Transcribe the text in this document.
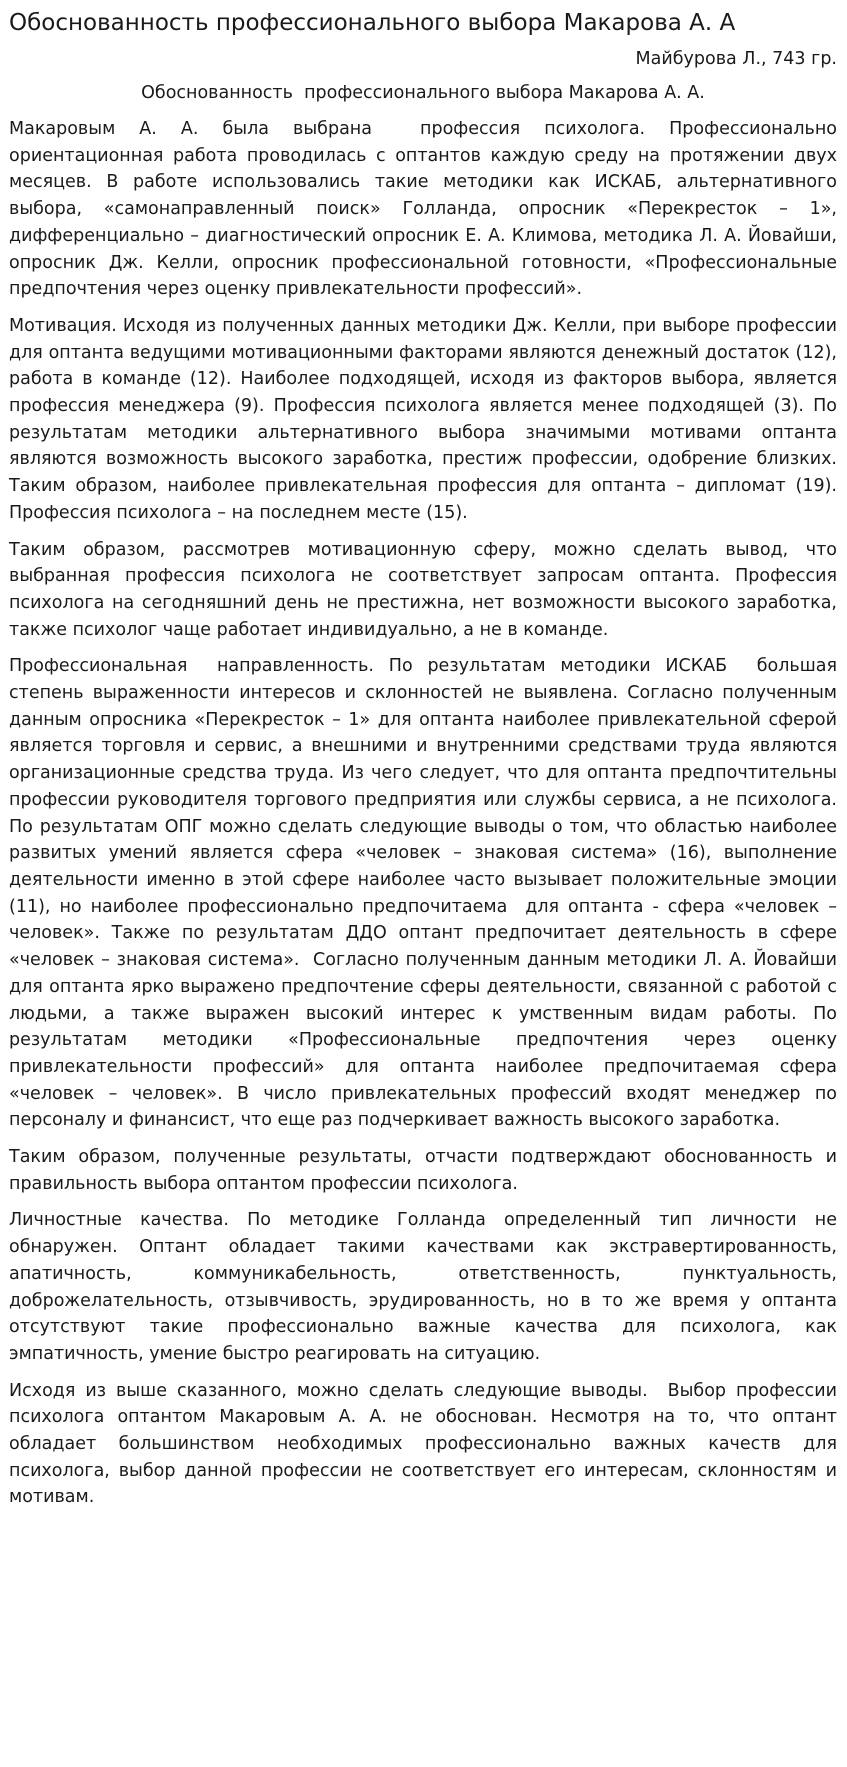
Обоснованность профессионального выбора Макарова А. А

Майбурова Л., 743 гр.

Обоснованность  профессионального выбора Макарова А. А.

Макаровым А. А. была выбрана  профессия психолога. Профессионально ориентационная работа проводилась с оптантов каждую среду на протяжении двух месяцев. В работе использовались такие методики как ИСКАБ, альтернативного выбора, «самонаправленный поиск» Голланда, опросник «Перекресток – 1», дифференциально – диагностический опросник Е. А. Климова, методика Л. А. Йовайши, опросник Дж. Келли, опросник профессиональной готовности, «Профессиональные предпочтения через оценку привлекательности профессий».

Мотивация. Исходя из полученных данных методики Дж. Келли, при выборе профессии для оптанта ведущими мотивационными факторами являются денежный достаток (12), работа в команде (12). Наиболее подходящей, исходя из факторов выбора, является профессия менеджера (9). Профессия психолога является менее подходящей (3). По результатам методики альтернативного выбора значимыми мотивами оптанта являются возможность высокого заработка, престиж профессии, одобрение близких. Таким образом, наиболее привлекательная профессия для оптанта – дипломат (19). Профессия психолога – на последнем месте (15).

Таким образом, рассмотрев мотивационную сферу, можно сделать вывод, что выбранная профессия психолога не соответствует запросам оптанта. Профессия психолога на сегодняшний день не престижна, нет возможности высокого заработка, также психолог чаще работает индивидуально, а не в команде.

Профессиональная  направленность. По результатам методики ИСКАБ  большая степень выраженности интересов и склонностей не выявлена. Согласно полученным данным опросника «Перекресток – 1» для оптанта наиболее привлекательной сферой является торговля и сервис, а внешними и внутренними средствами труда являются организационные средства труда. Из чего следует, что для оптанта предпочтительны профессии руководителя торгового предприятия или службы сервиса, а не психолога. По результатам ОПГ можно сделать следующие выводы о том, что областью наиболее развитых умений является сфера «человек – знаковая система» (16), выполнение деятельности именно в этой сфере наиболее часто вызывает положительные эмоции (11), но наиболее профессионально предпочитаема  для оптанта - сфера «человек – человек». Также по результатам ДДО оптант предпочитает деятельность в сфере «человек – знаковая система».  Согласно полученным данным методики Л. А. Йовайши для оптанта ярко выражено предпочтение сферы деятельности, связанной с работой с людьми, а также выражен высокий интерес к умственным видам работы. По результатам методики «Профессиональные предпочтения через оценку привлекательности профессий» для оптанта наиболее предпочитаемая сфера «человек – человек». В число привлекательных профессий входят менеджер по персоналу и финансист, что еще раз подчеркивает важность высокого заработка.

Таким образом, полученные результаты, отчасти подтверждают обоснованность и правильность выбора оптантом профессии психолога.

Личностные качества. По методике Голланда определенный тип личности не обнаружен. Оптант обладает такими качествами как экстравертированность, апатичность,   коммуникабельность,   ответственность,   пунктуальность, доброжелательность, отзывчивость, эрудированность, но в то же время у оптанта отсутствуют такие профессионально важные качества для психолога, как эмпатичность, умение быстро реагировать на ситуацию.

Исходя из выше сказанного, можно сделать следующие выводы.  Выбор профессии психолога оптантом Макаровым А. А. не обоснован. Несмотря на то, что оптант обладает большинством необходимых профессионально важных качеств для психолога, выбор данной профессии не соответствует его интересам, склонностям и мотивам.
